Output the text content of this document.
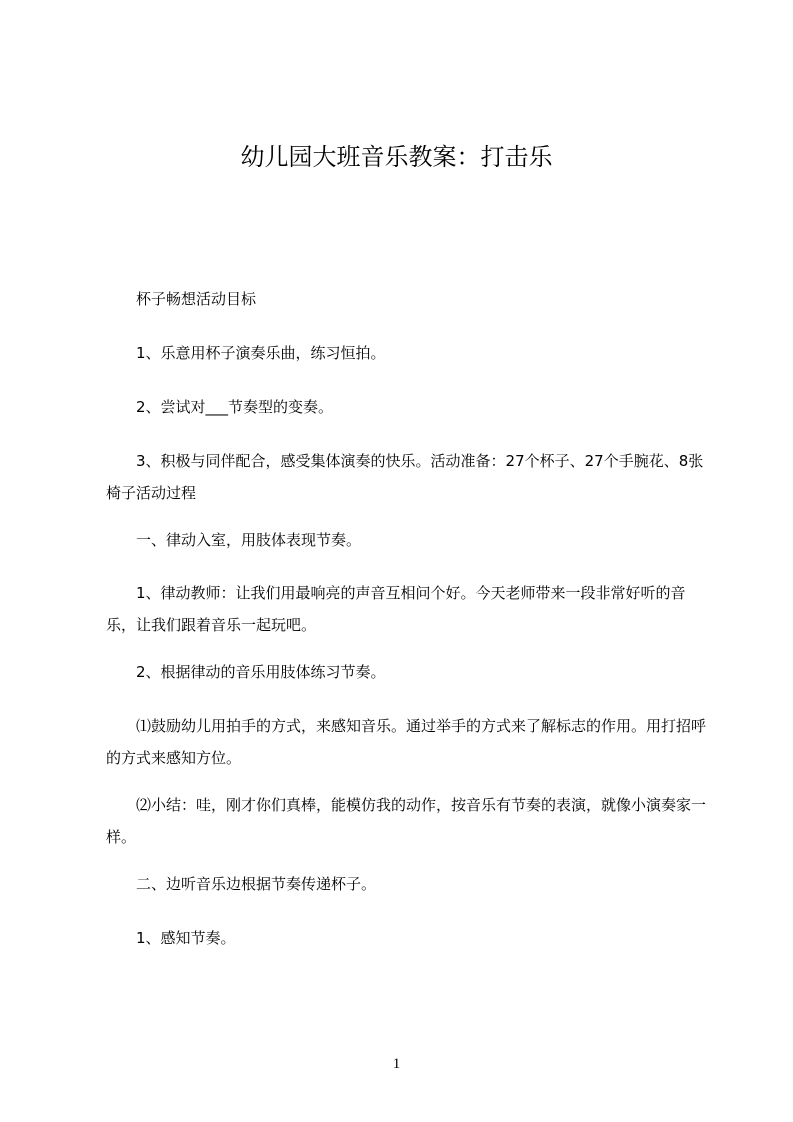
幼儿园大班音乐教案：打击乐
杯子畅想活动目标
1、乐意用杯子演奏乐曲，练习恒拍。
2、尝试对___节奏型的变奏。
3、积极与同伴配合，感受集体演奏的快乐。活动准备：27个杯子、27个手腕花、8张椅子活动过程
一、律动入室，用肢体表现节奏。
1、律动教师：让我们用最响亮的声音互相问个好。今天老师带来一段非常好听的音乐，让我们跟着音乐一起玩吧。
2、根据律动的音乐用肢体练习节奏。
⑴鼓励幼儿用拍手的方式，来感知音乐。通过举手的方式来了解标志的作用。用打招呼的方式来感知方位。
⑵小结：哇，刚才你们真棒，能模仿我的动作，按音乐有节奏的表演，就像小演奏家一样。
二、边听音乐边根据节奏传递杯子。
1、感知节奏。
1
